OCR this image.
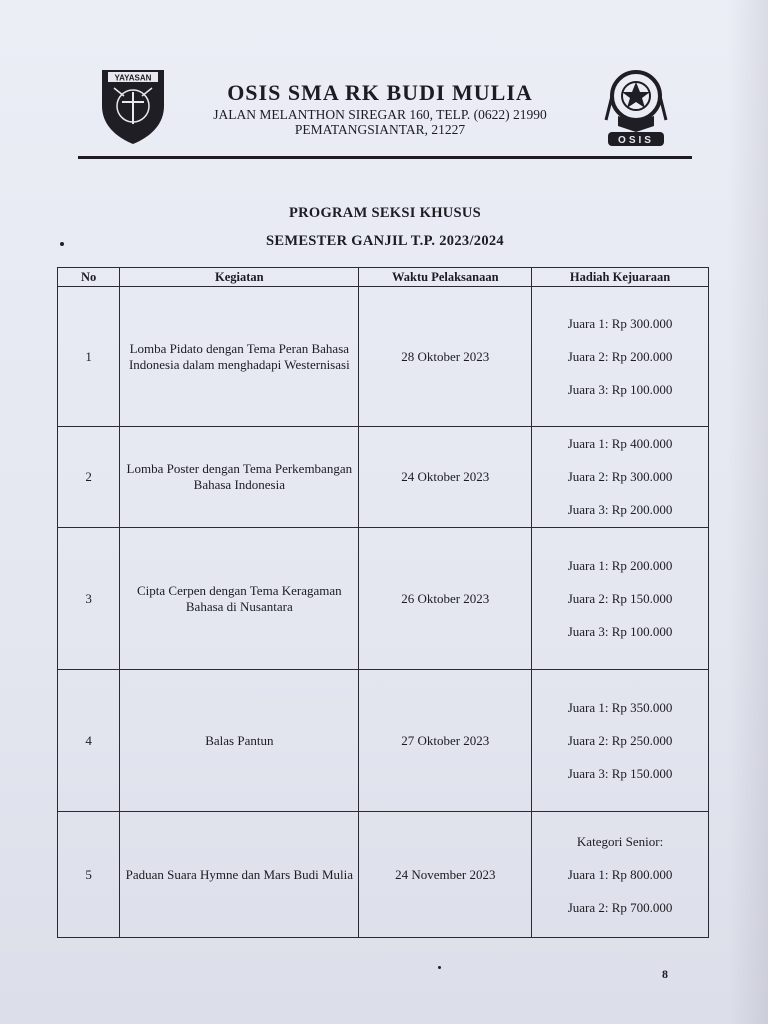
YAYASAN
OSIS SMA RK BUDI MULIA
JALAN MELANTHON SIREGAR 160, TELP. (0622) 21990
PEMATANGSIANTAR, 21227
OSIS
PROGRAM SEKSI KHUSUS
SEMESTER GANJIL T.P. 2023/2024
No	Kegiatan	Waktu Pelaksanaan	Hadiah Kejuaraan
1	Lomba Pidato dengan Tema Peran Bahasa Indonesia dalam menghadapi Westernisasi	28 Oktober 2023	Juara 1: Rp 300.000
Juara 2: Rp 200.000
Juara 3: Rp 100.000

2	Lomba Poster dengan Tema Perkembangan Bahasa Indonesia	24 Oktober 2023	Juara 1: Rp 400.000
Juara 2: Rp 300.000
Juara 3: Rp 200.000

3	Cipta Cerpen dengan Tema Keragaman Bahasa di Nusantara	26 Oktober 2023	Juara 1: Rp 200.000
Juara 2: Rp 150.000
Juara 3: Rp 100.000

4	Balas Pantun	27 Oktober 2023	Juara 1: Rp 350.000
Juara 2: Rp 250.000
Juara 3: Rp 150.000

5	Paduan Suara Hymne dan Mars Budi Mulia	24 November 2023	Kategori Senior:
Juara 1: Rp 800.000
Juara 2: Rp 700.000
8
